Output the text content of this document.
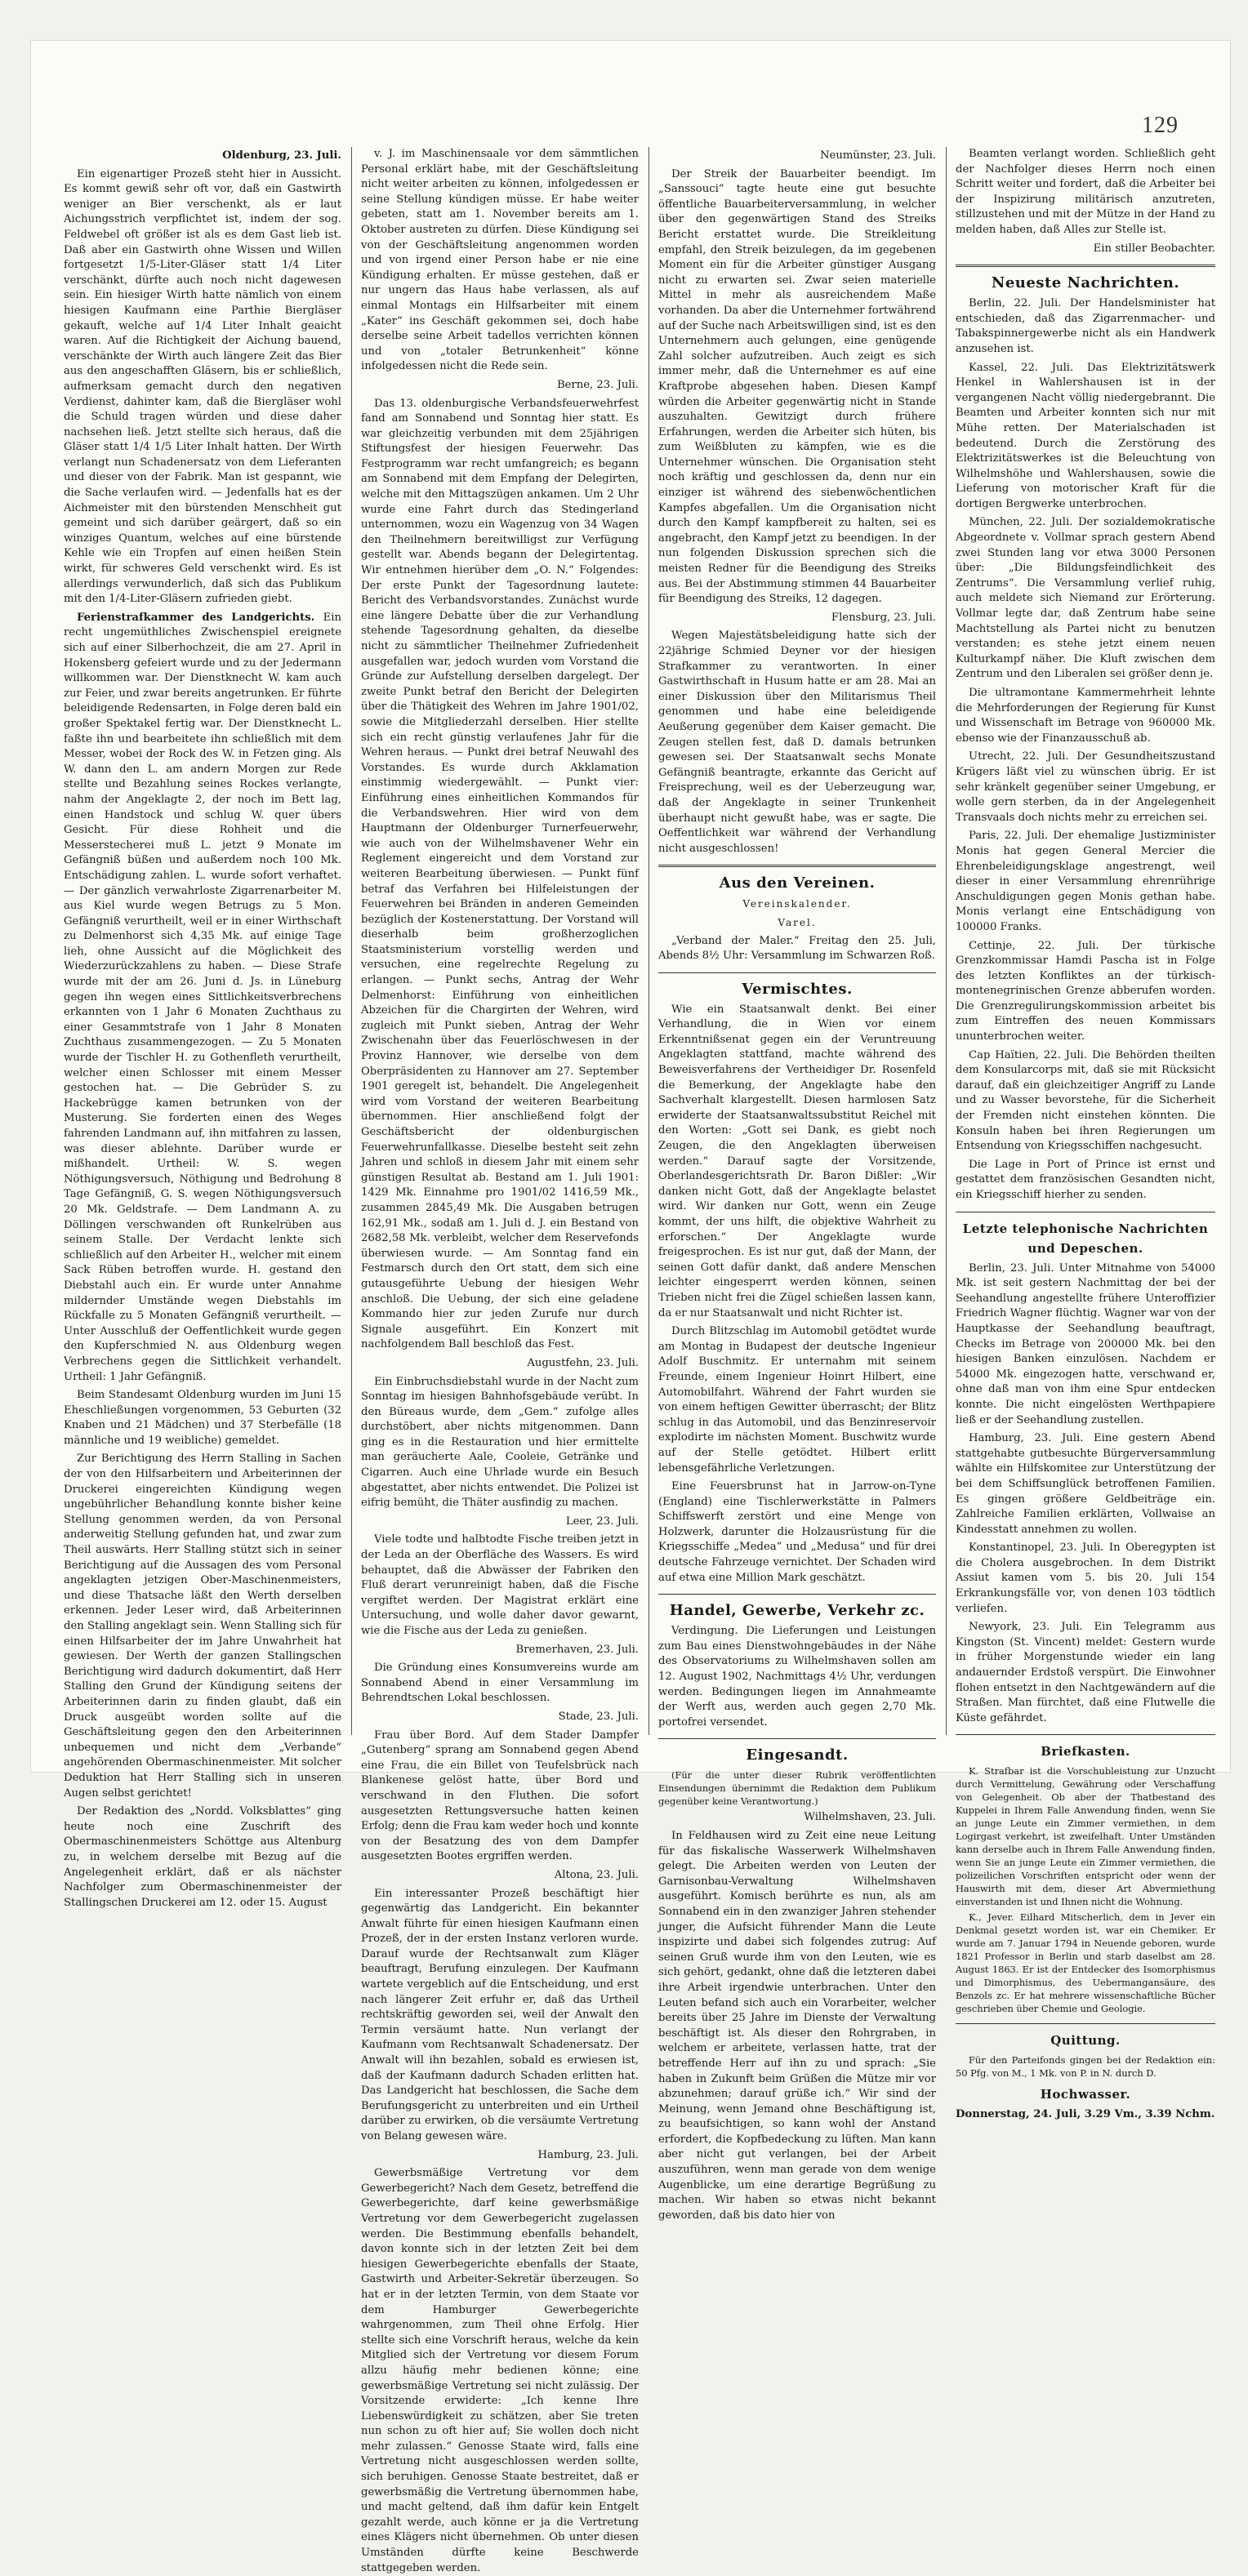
129

Oldenburg, 23. Juli.

Ein eigenartiger Prozeß steht hier in Aussicht. Es kommt gewiß sehr oft vor, daß ein Gastwirth weniger an Bier verschenkt, als er laut Aichungsstrich verpflichtet ist, indem der sog. Feldwebel oft größer ist als es dem Gast lieb ist. Daß aber ein Gastwirth ohne Wissen und Willen fortgesetzt 1/5-Liter-Gläser statt 1/4 Liter verschänkt, dürfte auch noch nicht dagewesen sein. Ein hiesiger Wirth hatte nämlich von einem hiesigen Kaufmann eine Parthie Biergläser gekauft, welche auf 1/4 Liter Inhalt geaicht waren. Auf die Richtigkeit der Aichung bauend, verschänkte der Wirth auch längere Zeit das Bier aus den angeschafften Gläsern, bis er schließlich, aufmerksam gemacht durch den negativen Verdienst, dahinter kam, daß die Biergläser wohl die Schuld tragen würden und diese daher nachsehen ließ. Jetzt stellte sich heraus, daß die Gläser statt 1/4 1/5 Liter Inhalt hatten. Der Wirth verlangt nun Schadenersatz von dem Lieferanten und dieser von der Fabrik. Man ist gespannt, wie die Sache verlaufen wird. — Jedenfalls hat es der Aichmeister mit den bürstenden Menschheit gut gemeint und sich darüber geärgert, daß so ein winziges Quantum, welches auf eine bürstende Kehle wie ein Tropfen auf einen heißen Stein wirkt, für schweres Geld verschenkt wird. Es ist allerdings verwunderlich, daß sich das Publikum mit den 1/4-Liter-Gläsern zufrieden giebt.

Ferienstrafkammer des Landgerichts. Ein recht ungemüthliches Zwischenspiel ereignete sich auf einer Silberhochzeit, die am 27. April in Hokensberg gefeiert wurde und zu der Jedermann willkommen war. Der Dienstknecht W. kam auch zur Feier, und zwar bereits angetrunken. Er führte beleidigende Redensarten, in Folge deren bald ein großer Spektakel fertig war. Der Dienstknecht L. faßte ihn und bearbeitete ihn schließlich mit dem Messer, wobei der Rock des W. in Fetzen ging. Als W. dann den L. am andern Morgen zur Rede stellte und Bezahlung seines Rockes verlangte, nahm der Angeklagte 2, der noch im Bett lag, einen Handstock und schlug W. quer übers Gesicht. Für diese Rohheit und die Messerstecherei muß L. jetzt 9 Monate im Gefängniß büßen und außerdem noch 100 Mk. Entschädigung zahlen. L. wurde sofort verhaftet. — Der gänzlich verwahrloste Zigarrenarbeiter M. aus Kiel wurde wegen Betrugs zu 5 Mon. Gefängniß verurtheilt, weil er in einer Wirthschaft zu Delmenhorst sich 4,35 Mk. auf einige Tage lieh, ohne Aussicht auf die Möglichkeit des Wiederzurückzahlens zu haben. — Diese Strafe wurde mit der am 26. Juni d. Js. in Lüneburg gegen ihn wegen eines Sittlichkeitsverbrechens erkannten von 1 Jahr 6 Monaten Zuchthaus zu einer Gesammtstrafe von 1 Jahr 8 Monaten Zuchthaus zusammengezogen. — Zu 5 Monaten wurde der Tischler H. zu Gothenfleth verurtheilt, welcher einen Schlosser mit einem Messer gestochen hat. — Die Gebrüder S. zu Hackebrügge kamen betrunken von der Musterung. Sie forderten einen des Weges fahrenden Landmann auf, ihn mitfahren zu lassen, was dieser ablehnte. Darüber wurde er mißhandelt. Urtheil: W. S. wegen Nöthigungsversuch, Nöthigung und Bedrohung 8 Tage Gefängniß, G. S. wegen Nöthigungsversuch 20 Mk. Geldstrafe. — Dem Landmann A. zu Döllingen verschwanden oft Runkelrüben aus seinem Stalle. Der Verdacht lenkte sich schließlich auf den Arbeiter H., welcher mit einem Sack Rüben betroffen wurde. H. gestand den Diebstahl auch ein. Er wurde unter Annahme mildernder Umstände wegen Diebstahls im Rückfalle zu 5 Monaten Gefängniß verurtheilt. — Unter Ausschluß der Oeffentlichkeit wurde gegen den Kupferschmied N. aus Oldenburg wegen Verbrechens gegen die Sittlichkeit verhandelt. Urtheil: 1 Jahr Gefängniß.

Beim Standesamt Oldenburg wurden im Juni 15 Eheschließungen vorgenommen, 53 Geburten (32 Knaben und 21 Mädchen) und 37 Sterbefälle (18 männliche und 19 weibliche) gemeldet.

Zur Berichtigung des Herrn Stalling in Sachen der von den Hilfsarbeitern und Arbeiterinnen der Druckerei eingereichten Kündigung wegen ungebührlicher Behandlung konnte bisher keine Stellung genommen werden, da von Personal anderweitig Stellung gefunden hat, und zwar zum Theil auswärts. Herr Stalling stützt sich in seiner Berichtigung auf die Aussagen des vom Personal angeklagten jetzigen Ober-Maschinenmeisters, und diese Thatsache läßt den Werth derselben erkennen. Jeder Leser wird, daß Arbeiterinnen den Stalling angeklagt sein. Wenn Stalling sich für einen Hilfsarbeiter der im Jahre Unwahrheit hat gewiesen. Der Werth der ganzen Stallingschen Berichtigung wird dadurch dokumentirt, daß Herr Stalling den Grund der Kündigung seitens der Arbeiterinnen darin zu finden glaubt, daß ein Druck ausgeübt worden sollte auf die Geschäftsleitung gegen den den Arbeiterinnen unbequemen und nicht dem „Verbande“ angehörenden Obermaschinenmeister. Mit solcher Deduktion hat Herr Stalling sich in unseren Augen selbst gerichtet!

Der Redaktion des „Nordd. Volksblattes“ ging heute noch eine Zuschrift des Obermaschinenmeisters Schöttge aus Altenburg zu, in welchem derselbe mit Bezug auf die Angelegenheit erklärt, daß er als nächster Nachfolger zum Obermaschinenmeister der Stallingschen Druckerei am 12. oder 15. August

v. J. im Maschinensaale vor dem sämmtlichen Personal erklärt habe, mit der Geschäftsleitung nicht weiter arbeiten zu können, infolgedessen er seine Stellung kündigen müsse. Er habe weiter gebeten, statt am 1. November bereits am 1. Oktober austreten zu dürfen. Diese Kündigung sei von der Geschäftsleitung angenommen worden und von irgend einer Person habe er nie eine Kündigung erhalten. Er müsse gestehen, daß er nur ungern das Haus habe verlassen, als auf einmal Montags ein Hilfsarbeiter mit einem „Kater“ ins Geschäft gekommen sei, doch habe derselbe seine Arbeit tadellos verrichten können und von „totaler Betrunkenheit“ könne infolgedessen nicht die Rede sein.

Berne, 23. Juli.

Das 13. oldenburgische Verbandsfeuerwehrfest fand am Sonnabend und Sonntag hier statt. Es war gleichzeitig verbunden mit dem 25jährigen Stiftungsfest der hiesigen Feuerwehr. Das Festprogramm war recht umfangreich; es begann am Sonnabend mit dem Empfang der Delegirten, welche mit den Mittagszügen ankamen. Um 2 Uhr wurde eine Fahrt durch das Stedingerland unternommen, wozu ein Wagenzug von 34 Wagen den Theilnehmern bereitwilligst zur Verfügung gestellt war. Abends begann der Delegirtentag. Wir entnehmen hierüber dem „O. N.“ Folgendes: Der erste Punkt der Tagesordnung lautete: Bericht des Verbandsvorstandes. Zunächst wurde eine längere Debatte über die zur Verhandlung stehende Tagesordnung gehalten, da dieselbe nicht zu sämmtlicher Theilnehmer Zufriedenheit ausgefallen war, jedoch wurden vom Vorstand die Gründe zur Aufstellung derselben dargelegt. Der zweite Punkt betraf den Bericht der Delegirten über die Thätigkeit des Wehren im Jahre 1901/02, sowie die Mitgliederzahl derselben. Hier stellte sich ein recht günstig verlaufenes Jahr für die Wehren heraus. — Punkt drei betraf Neuwahl des Vorstandes. Es wurde durch Akklamation einstimmig wiedergewählt. — Punkt vier: Einführung eines einheitlichen Kommandos für die Verbandswehren. Hier wird von dem Hauptmann der Oldenburger Turnerfeuerwehr, wie auch von der Wilhelmshavener Wehr ein Reglement eingereicht und dem Vorstand zur weiteren Bearbeitung überwiesen. — Punkt fünf betraf das Verfahren bei Hilfeleistungen der Feuerwehren bei Bränden in anderen Gemeinden bezüglich der Kostenerstattung. Der Vorstand will dieserhalb beim großherzoglichen Staatsministerium vorstellig werden und versuchen, eine regelrechte Regelung zu erlangen. — Punkt sechs, Antrag der Wehr Delmenhorst: Einführung von einheitlichen Abzeichen für die Chargirten der Wehren, wird zugleich mit Punkt sieben, Antrag der Wehr Zwischenahn über das Feuerlöschwesen in der Provinz Hannover, wie derselbe von dem Oberpräsidenten zu Hannover am 27. September 1901 geregelt ist, behandelt. Die Angelegenheit wird vom Vorstand der weiteren Bearbeitung übernommen. Hier anschließend folgt der Geschäftsbericht der oldenburgischen Feuerwehrunfallkasse. Dieselbe besteht seit zehn Jahren und schloß in diesem Jahr mit einem sehr günstigen Resultat ab. Bestand am 1. Juli 1901: 1429 Mk. Einnahme pro 1901/02 1416,59 Mk., zusammen 2845,49 Mk. Die Ausgaben betrugen 162,91 Mk., sodaß am 1. Juli d. J. ein Bestand von 2682,58 Mk. verbleibt, welcher dem Reservefonds überwiesen wurde. — Am Sonntag fand ein Festmarsch durch den Ort statt, dem sich eine gutausgeführte Uebung der hiesigen Wehr anschloß. Die Uebung, der sich eine geladene Kommando hier zur jeden Zurufe nur durch Signale ausgeführt. Ein Konzert mit nachfolgendem Ball beschloß das Fest.

Augustfehn, 23. Juli.

Ein Einbruchsdiebstahl wurde in der Nacht zum Sonntag im hiesigen Bahnhofsgebäude verübt. In den Büreaus wurde, dem „Gem.“ zufolge alles durchstöbert, aber nichts mitgenommen. Dann ging es in die Restauration und hier ermittelte man geräucherte Aale, Cooleie, Getränke und Cigarren. Auch eine Uhrlade wurde ein Besuch abgestattet, aber nichts entwendet. Die Polizei ist eifrig bemüht, die Thäter ausfindig zu machen.

Leer, 23. Juli.

Viele todte und halbtodte Fische treiben jetzt in der Leda an der Oberfläche des Wassers. Es wird behauptet, daß die Abwässer der Fabriken den Fluß derart verunreinigt haben, daß die Fische vergiftet werden. Der Magistrat erklärt eine Untersuchung, und wolle daher davor gewarnt, wie die Fische aus der Leda zu genießen.

Bremerhaven, 23. Juli.

Die Gründung eines Konsumvereins wurde am Sonnabend Abend in einer Versammlung im Behrendtschen Lokal beschlossen.

Stade, 23. Juli.

Frau über Bord. Auf dem Stader Dampfer „Gutenberg“ sprang am Sonnabend gegen Abend eine Frau, die ein Billet von Teufelsbrück nach Blankenese gelöst hatte, über Bord und verschwand in den Fluthen. Die sofort ausgesetzten Rettungsversuche hatten keinen Erfolg; denn die Frau kam weder hoch und konnte von der Besatzung des von dem Dampfer ausgesetzten Bootes ergriffen werden.

Altona, 23. Juli.

Ein interessanter Prozeß beschäftigt hier gegenwärtig das Landgericht. Ein bekannter Anwalt führte für einen hiesigen Kaufmann einen Prozeß, der in der ersten Instanz verloren wurde. Darauf wurde der Rechtsanwalt zum Kläger beauftragt, Berufung einzulegen. Der Kaufmann wartete vergeblich auf die Entscheidung, und erst nach längerer Zeit erfuhr er, daß das Urtheil rechtskräftig geworden sei, weil der Anwalt den Termin versäumt hatte. Nun verlangt der Kaufmann vom Rechtsanwalt Schadenersatz. Der Anwalt will ihn bezahlen, sobald es erwiesen ist, daß der Kaufmann dadurch Schaden erlitten hat. Das Landgericht hat beschlossen, die Sache dem Berufungsgericht zu unterbreiten und ein Urtheil darüber zu erwirken, ob die versäumte Vertretung von Belang gewesen wäre.

Hamburg, 23. Juli.

Gewerbsmäßige Vertretung vor dem Gewerbegericht? Nach dem Gesetz, betreffend die Gewerbegerichte, darf keine gewerbsmäßige Vertretung vor dem Gewerbegericht zugelassen werden. Die Bestimmung ebenfalls behandelt, davon konnte sich in der letzten Zeit bei dem hiesigen Gewerbegerichte ebenfalls der Staate, Gastwirth und Arbeiter-Sekretär überzeugen. So hat er in der letzten Termin, von dem Staate vor dem Hamburger Gewerbegerichte wahrgenommen, zum Theil ohne Erfolg. Hier stellte sich eine Vorschrift heraus, welche da kein Mitglied sich der Vertretung vor diesem Forum allzu häufig mehr bedienen könne; eine gewerbsmäßige Vertretung sei nicht zulässig. Der Vorsitzende erwiderte: „Ich kenne Ihre Liebenswürdigkeit zu schätzen, aber Sie treten nun schon zu oft hier auf; Sie wollen doch nicht mehr zulassen.“ Genosse Staate wird, falls eine Vertretung nicht ausgeschlossen werden sollte, sich beruhigen. Genosse Staate bestreitet, daß er gewerbsmäßig die Vertretung übernommen habe, und macht geltend, daß ihm dafür kein Entgelt gezahlt werde, auch könne er ja die Vertretung eines Klägers nicht übernehmen. Ob unter diesen Umständen dürfte keine Beschwerde stattgegeben werden.

Neumünster, 23. Juli.

Der Streik der Bauarbeiter beendigt. Im „Sanssouci“ tagte heute eine gut besuchte öffentliche Bauarbeiterversammlung, in welcher über den gegenwärtigen Stand des Streiks Bericht erstattet wurde. Die Streikleitung empfahl, den Streik beizulegen, da im gegebenen Moment ein für die Arbeiter günstiger Ausgang nicht zu erwarten sei. Zwar seien materielle Mittel in mehr als ausreichendem Maße vorhanden. Da aber die Unternehmer fortwährend auf der Suche nach Arbeitswilligen sind, ist es den Unternehmern auch gelungen, eine genügende Zahl solcher aufzutreiben. Auch zeigt es sich immer mehr, daß die Unternehmer es auf eine Kraftprobe abgesehen haben. Diesen Kampf würden die Arbeiter gegenwärtig nicht in Stande auszuhalten. Gewitzigt durch frühere Erfahrungen, werden die Arbeiter sich hüten, bis zum Weißbluten zu kämpfen, wie es die Unternehmer wünschen. Die Organisation steht noch kräftig und geschlossen da, denn nur ein einziger ist während des siebenwöchentlichen Kampfes abgefallen. Um die Organisation nicht durch den Kampf kampfbereit zu halten, sei es angebracht, den Kampf jetzt zu beendigen. In der nun folgenden Diskussion sprechen sich die meisten Redner für die Beendigung des Streiks aus. Bei der Abstimmung stimmen 44 Bauarbeiter für Beendigung des Streiks, 12 dagegen.

Flensburg, 23. Juli.

Wegen Majestätsbeleidigung hatte sich der 22jährige Schmied Deyner vor der hiesigen Strafkammer zu verantworten. In einer Gastwirthschaft in Husum hatte er am 28. Mai an einer Diskussion über den Militarismus Theil genommen und habe eine beleidigende Aeußerung gegenüber dem Kaiser gemacht. Die Zeugen stellen fest, daß D. damals betrunken gewesen sei. Der Staatsanwalt sechs Monate Gefängniß beantragte, erkannte das Gericht auf Freisprechung, weil es der Ueberzeugung war, daß der Angeklagte in seiner Trunkenheit überhaupt nicht gewußt habe, was er sagte. Die Oeffentlichkeit war während der Verhandlung nicht ausgeschlossen!

Aus den Vereinen.
Vereinskalender.
Varel.

„Verband der Maler.“ Freitag den 25. Juli, Abends 8½ Uhr: Versammlung im Schwarzen Roß.

Vermischtes.

Wie ein Staatsanwalt denkt. Bei einer Verhandlung, die in Wien vor einem Erkenntnißsenat gegen ein der Veruntreuung Angeklagten stattfand, machte während des Beweisverfahrens der Vertheidiger Dr. Rosenfeld die Bemerkung, der Angeklagte habe den Sachverhalt klargestellt. Diesen harmlosen Satz erwiderte der Staatsanwaltssubstitut Reichel mit den Worten: „Gott sei Dank, es giebt noch Zeugen, die den Angeklagten überweisen werden.“ Darauf sagte der Vorsitzende, Oberlandesgerichtsrath Dr. Baron Dißler: „Wir danken nicht Gott, daß der Angeklagte belastet wird. Wir danken nur Gott, wenn ein Zeuge kommt, der uns hilft, die objektive Wahrheit zu erforschen.“ Der Angeklagte wurde freigesprochen. Es ist nur gut, daß der Mann, der seinen Gott dafür dankt, daß andere Menschen leichter eingesperrt werden können, seinen Trieben nicht frei die Zügel schießen lassen kann, da er nur Staatsanwalt und nicht Richter ist.

Durch Blitzschlag im Automobil getödtet wurde am Montag in Budapest der deutsche Ingenieur Adolf Buschmitz. Er unternahm mit seinem Freunde, einem Ingenieur Hoinrt Hilbert, eine Automobilfahrt. Während der Fahrt wurden sie von einem heftigen Gewitter überrascht; der Blitz schlug in das Automobil, und das Benzinreservoir explodirte im nächsten Moment. Buschwitz wurde auf der Stelle getödtet. Hilbert erlitt lebensgefährliche Verletzungen.

Eine Feuersbrunst hat in Jarrow-on-Tyne (England) eine Tischlerwerkstätte in Palmers Schiffswerft zerstört und eine Menge von Holzwerk, darunter die Holzausrüstung für die Kriegsschiffe „Medea“ und „Medusa“ und für drei deutsche Fahrzeuge vernichtet. Der Schaden wird auf etwa eine Million Mark geschätzt.

Handel, Gewerbe, Verkehr zc.

Verdingung. Die Lieferungen und Leistungen zum Bau eines Dienstwohngebäudes in der Nähe des Observatoriums zu Wilhelmshaven sollen am 12. August 1902, Nachmittags 4½ Uhr, verdungen werden. Bedingungen liegen im Annahmeamte der Werft aus, werden auch gegen 2,70 Mk. portofrei versendet.

Eingesandt.

(Für die unter dieser Rubrik veröffentlichten Einsendungen übernimmt die Redaktion dem Publikum gegenüber keine Verantwortung.)

Wilhelmshaven, 23. Juli.

In Feldhausen wird zu Zeit eine neue Leitung für das fiskalische Wasserwerk Wilhelmshaven gelegt. Die Arbeiten werden von Leuten der Garnisonbau-Verwaltung Wilhelmshaven ausgeführt. Komisch berührte es nun, als am Sonnabend ein in den zwanziger Jahren stehender junger, die Aufsicht führender Mann die Leute inspizirte und dabei sich folgendes zutrug: Auf seinen Gruß wurde ihm von den Leuten, wie es sich gehört, gedankt, ohne daß die letzteren dabei ihre Arbeit irgendwie unterbrachen. Unter den Leuten befand sich auch ein Vorarbeiter, welcher bereits über 25 Jahre im Dienste der Verwaltung beschäftigt ist. Als dieser den Rohrgraben, in welchem er arbeitete, verlassen hatte, trat der betreffende Herr auf ihn zu und sprach: „Sie haben in Zukunft beim Grüßen die Mütze mir vor abzunehmen; darauf grüße ich.“ Wir sind der Meinung, wenn Jemand ohne Beschäftigung ist, zu beaufsichtigen, so kann wohl der Anstand erfordert, die Kopfbedeckung zu lüften. Man kann aber nicht gut verlangen, bei der Arbeit auszuführen, wenn man gerade von dem wenige Augenblicke, um eine derartige Begrüßung zu machen. Wir haben so etwas nicht bekannt geworden, daß bis dato hier von

Beamten verlangt worden. Schließlich geht der Nachfolger dieses Herrn noch einen Schritt weiter und fordert, daß die Arbeiter bei der Inspizirung militärisch anzutreten, stillzustehen und mit der Mütze in der Hand zu melden haben, daß Alles zur Stelle ist.

Ein stiller Beobachter.

Neueste Nachrichten.

Berlin, 22. Juli. Der Handelsminister hat entschieden, daß das Zigarrenmacher- und Tabakspinnergewerbe nicht als ein Handwerk anzusehen ist.

Kassel, 22. Juli. Das Elektrizitätswerk Henkel in Wahlershausen ist in der vergangenen Nacht völlig niedergebrannt. Die Beamten und Arbeiter konnten sich nur mit Mühe retten. Der Materialschaden ist bedeutend. Durch die Zerstörung des Elektrizitätswerkes ist die Beleuchtung von Wilhelmshöhe und Wahlershausen, sowie die Lieferung von motorischer Kraft für die dortigen Bergwerke unterbrochen.

München, 22. Juli. Der sozialdemokratische Abgeordnete v. Vollmar sprach gestern Abend zwei Stunden lang vor etwa 3000 Personen über: „Die Bildungsfeindlichkeit des Zentrums“. Die Versammlung verlief ruhig, auch meldete sich Niemand zur Erörterung. Vollmar legte dar, daß Zentrum habe seine Machtstellung als Partei nicht zu benutzen verstanden; es stehe jetzt einem neuen Kulturkampf näher. Die Kluft zwischen dem Zentrum und den Liberalen sei größer denn je.

Die ultramontane Kammermehrheit lehnte die Mehrforderungen der Regierung für Kunst und Wissenschaft im Betrage von 960000 Mk. ebenso wie der Finanzausschuß ab.

Utrecht, 22. Juli. Der Gesundheitszustand Krügers läßt viel zu wünschen übrig. Er ist sehr kränkelt gegenüber seiner Umgebung, er wolle gern sterben, da in der Angelegenheit Transvaals doch nichts mehr zu erreichen sei.

Paris, 22. Juli. Der ehemalige Justizminister Monis hat gegen General Mercier die Ehrenbeleidigungsklage angestrengt, weil dieser in einer Versammlung ehrenrührige Anschuldigungen gegen Monis gethan habe. Monis verlangt eine Entschädigung von 100000 Franks.

Cettinje, 22. Juli. Der türkische Grenzkommissar Hamdi Pascha ist in Folge des letzten Konfliktes an der türkisch-montenegrinischen Grenze abberufen worden. Die Grenzregulirungskommission arbeitet bis zum Eintreffen des neuen Kommissars ununterbrochen weiter.

Cap Haïtien, 22. Juli. Die Behörden theilten dem Konsularcorps mit, daß sie mit Rücksicht darauf, daß ein gleichzeitiger Angriff zu Lande und zu Wasser bevorstehe, für die Sicherheit der Fremden nicht einstehen könnten. Die Konsuln haben bei ihren Regierungen um Entsendung von Kriegsschiffen nachgesucht.

Die Lage in Port of Prince ist ernst und gestattet dem französischen Gesandten nicht, ein Kriegsschiff hierher zu senden.

Letzte telephonische Nachrichten und Depeschen.

Berlin, 23. Juli. Unter Mitnahme von 54000 Mk. ist seit gestern Nachmittag der bei der Seehandlung angestellte frühere Unteroffizier Friedrich Wagner flüchtig. Wagner war von der Hauptkasse der Seehandlung beauftragt, Checks im Betrage von 200000 Mk. bei den hiesigen Banken einzulösen. Nachdem er 54000 Mk. eingezogen hatte, verschwand er, ohne daß man von ihm eine Spur entdecken konnte. Die nicht eingelösten Werthpapiere ließ er der Seehandlung zustellen.

Hamburg, 23. Juli. Eine gestern Abend stattgehabte gutbesuchte Bürgerversammlung wählte ein Hilfskomitee zur Unterstützung der bei dem Schiffsunglück betroffenen Familien. Es gingen größere Geldbeiträge ein. Zahlreiche Familien erklärten, Vollwaise an Kindesstatt annehmen zu wollen.

Konstantinopel, 23. Juli. In Oberegypten ist die Cholera ausgebrochen. In dem Distrikt Assiut kamen vom 5. bis 20. Juli 154 Erkrankungsfälle vor, von denen 103 tödtlich verliefen.

Newyork, 23. Juli. Ein Telegramm aus Kingston (St. Vincent) meldet: Gestern wurde in früher Morgenstunde wieder ein lang andauernder Erdstoß verspürt. Die Einwohner flohen entsetzt in den Nachtgewändern auf die Straßen. Man fürchtet, daß eine Flutwelle die Küste gefährdet.

Briefkasten.

K. Strafbar ist die Vorschubleistung zur Unzucht durch Vermittelung, Gewährung oder Verschaffung von Gelegenheit. Ob aber der Thatbestand des Kuppelei in Ihrem Falle Anwendung finden, wenn Sie an junge Leute ein Zimmer vermiethen, in dem Logirgast verkehrt, ist zweifelhaft. Unter Umständen kann derselbe auch in Ihrem Falle Anwendung finden, wenn Sie an junge Leute ein Zimmer vermiethen, die polizeilichen Vorschriften entspricht oder wenn der Hauswirth mit dem, dieser Art Abvermiethung einverstanden ist und Ihnen nicht die Wohnung.

K., Jever. Eilhard Mitscherlich, dem in Jever ein Denkmal gesetzt worden ist, war ein Chemiker. Er wurde am 7. Januar 1794 in Neuende geboren, wurde 1821 Professor in Berlin und starb daselbst am 28. August 1863. Er ist der Entdecker des Isomorphismus und Dimorphismus, des Uebermangansäure, des Benzols zc. Er hat mehrere wissenschaftliche Bücher geschrieben über Chemie und Geologie.

Quittung.

Für den Parteifonds gingen bei der Redaktion ein: 50 Pfg. von M., 1 Mk. von P. in N. durch D.

Hochwasser.

Donnerstag, 24. Juli, 3.29 Vm., 3.39 Nchm.
